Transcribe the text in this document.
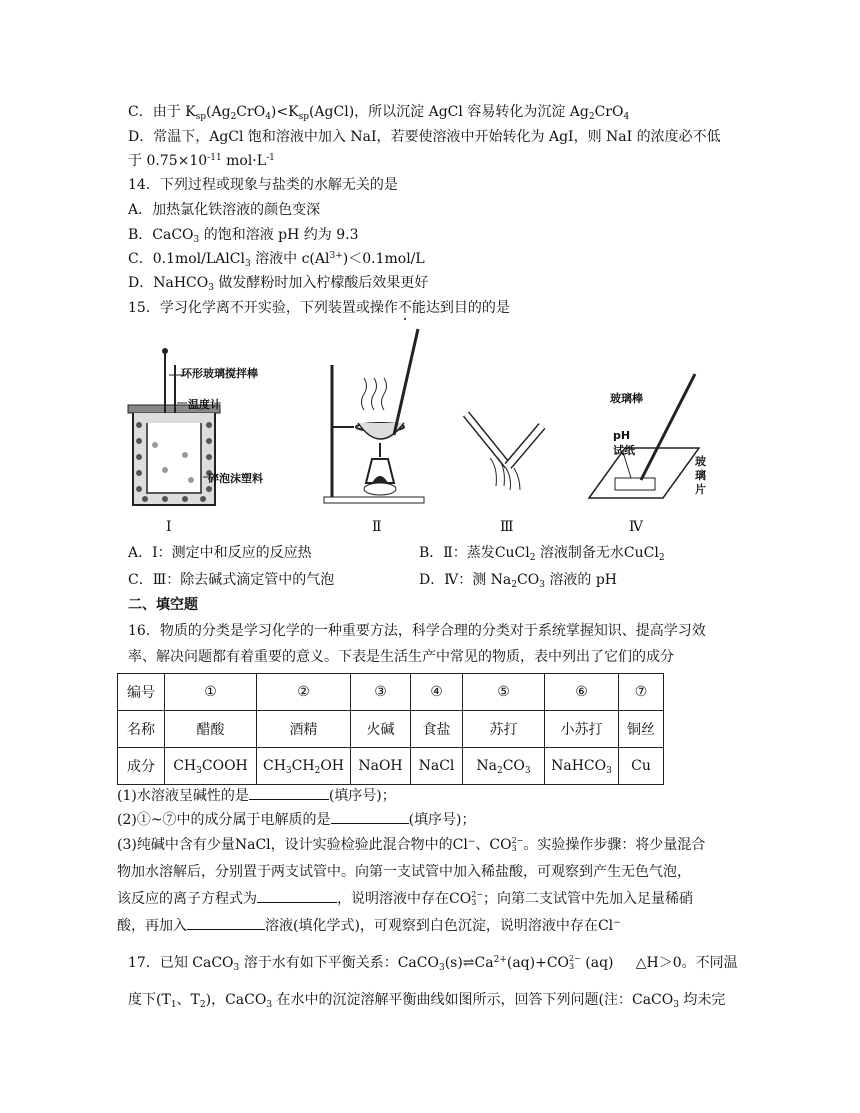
C．由于 $K_{sp}(Ag_2CrO_4)<K_{sp}(AgCl)$，所以沉淀 AgCl 容易转化为沉淀 $Ag_2CrO_4$
D．常温下，AgCl 饱和溶液中加入 NaI，若要使溶液中开始转化为 AgI，则 NaI 的浓度必不低
于 $0.75\times 10^{-11}$ $mol\cdot L^{-1}$
14．下列过程或现象与盐类的水解无关的是
A．加热氯化铁溶液的颜色变深
B．CaCO$_3$ 的饱和溶液 pH 约为 9.3
C．0.1mol/LAlCl$_3$ 溶液中 $c(Al^{3+})<0.1mol/L$
D．NaHCO$_3$ 做发酵粉时加入柠檬酸后效果更好
15．学习化学离不开实验，下列装置或操作不能达到目的的是
环形玻璃搅拌棒
温度计
碎泡沫塑料
玻璃棒
pH
试纸
玻
璃
片
Ⅰ	Ⅱ	Ⅲ	Ⅳ
A．Ⅰ：测定中和反应的反应热	B．Ⅱ：蒸发CuCl$_2$ 溶液制备无水CuCl$_2$
C．Ⅲ：除去碱式滴定管中的气泡	D．Ⅳ：测 $Na_2CO_3$ 溶液的 pH
二、填空题
16．物质的分类是学习化学的一种重要方法，科学合理的分类对于系统掌握知识、提高学习效
率、解决问题都有着重要的意义。下表是生活生产中常见的物质，表中列出了它们的成分
编号	①	②	③	④	⑤	⑥	⑦
名称	醋酸	酒精	火碱	食盐	苏打	小苏打	铜丝
成分	$CH_3COOH$	$CH_3CH_2OH$	NaOH	NaCl	$Na_2CO_3$	NaHCO$_3$	Cu
(1)水溶液呈碱性的是	(填序号)；
(2)①~⑦中的成分属于电解质的是	(填序号)；
(3)纯碱中含有少量NaCl，设计实验检验此混合物中的Cl−、CO2−
3 。实验操作步骤：将少量混合
物加水溶解后，分别置于两支试管中。向第一支试管中加入稀盐酸，可观察到产生无色气泡，
该反应的离子方程式为	，说明溶液中存在CO2−
3 ；向第二支试管中先加入足量稀硝
酸，再加入	溶液(填化学式)，可观察到白色沉淀，说明溶液中存在Cl−
17．已知 CaCO$_3$ 溶于水有如下平衡关系：$CaCO_3(s)\rightleftharpoons Ca^{2+}(aq)+CO2-$
3 (aq)     △H＞0。不同温
度下($T_1$、$T_2$)，CaCO$_3$ 在水中的沉淀溶解平衡曲线如图所示，回答下列问题(注：CaCO$_3$ 均未完
